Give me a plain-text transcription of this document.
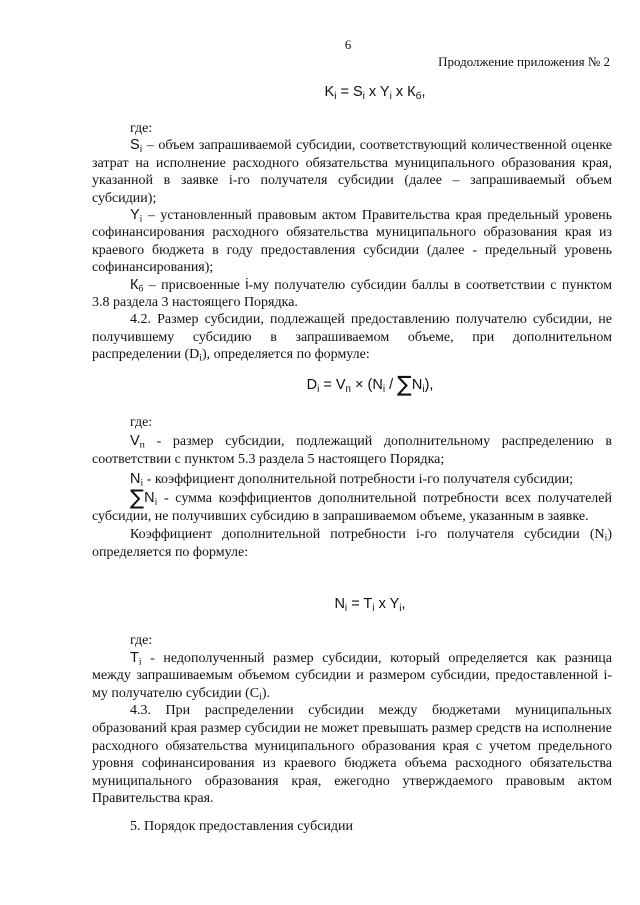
6
Продолжение приложения № 2
$K_i = S_i$ x $Y_i$ x $К_б$,

где:

$S_i$ – объем запрашиваемой субсидии, соответствующий количественной оценке затрат на исполнение расходного обязательства муниципального образования края, указанной в заявке i-го получателя субсидии (далее – запрашиваемый объем субсидии);

$Y_i$ – установленный правовым актом Правительства края предельный уровень софинансирования расходного обязательства муниципального образования края из краевого бюджета в году предоставления субсидии (далее - предельный уровень софинансирования);

$К_б$ – присвоенные i-му получателю субсидии баллы в соответствии с пунктом 3.8 раздела 3 настоящего Порядка.

4.2. Размер субсидии, подлежащей предоставлению получателю субсидии, не получившему субсидию в запрашиваемом объеме, при дополнительном распределении $(D_i)$, определяется по формуле:

$D_i = V_п \times (N_i / \sum N_i)$,

где:

$V_п$ - размер субсидии, подлежащий дополнительному распределению в соответствии с пунктом 5.3 раздела 5 настоящего Порядка;

$N_i$ - коэффициент дополнительной потребности i-го получателя субсидии;

$\sum N_i$ - сумма коэффициентов дополнительной потребности всех получателей субсидии, не получивших субсидию в запрашиваемом объеме, указанным в заявке.

Коэффициент дополнительной потребности i-го получателя субсидии $(N_i)$ определяется по формуле:

$N_i = T_i$ x $Y_i$,

где:

$T_i$ - недополученный размер субсидии, который определяется как разница между запрашиваемым объемом субсидии и размером субсидии, предоставленной i-му получателю субсидии $(C_i)$.

4.3. При распределении субсидии между бюджетами муниципальных образований края размер субсидии не может превышать размер средств на исполнение расходного обязательства муниципального образования края с учетом предельного уровня софинансирования из краевого бюджета объема расходного обязательства муниципального образования края, ежегодно утверждаемого правовым актом Правительства края.

5. Порядок предоставления субсидии
